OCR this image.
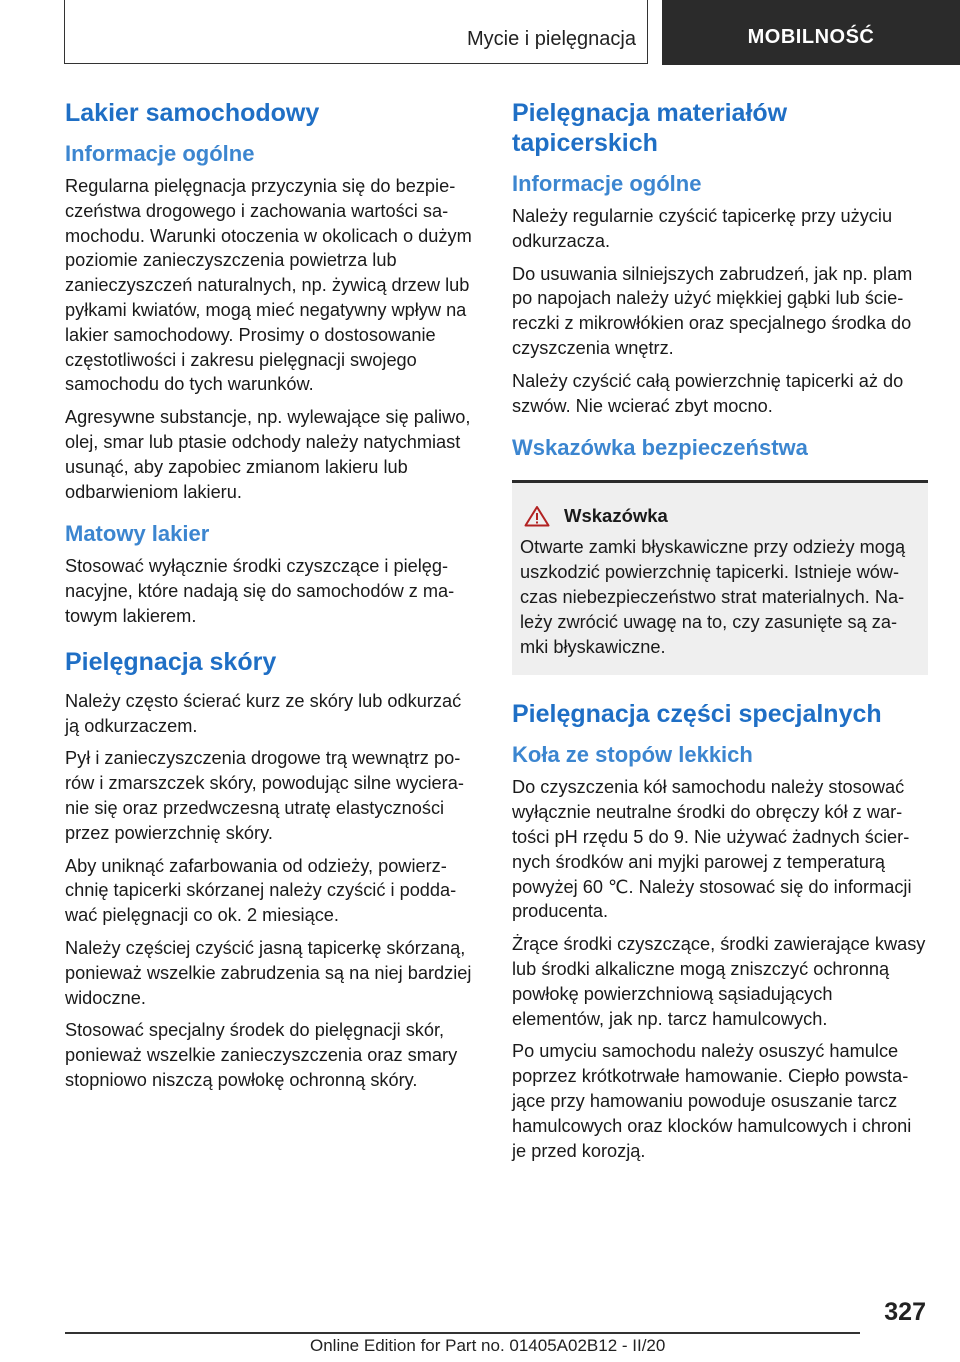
Mycie i pielęgnacja	MOBILNOŚĆ
Lakier samochodowy
Informacje ogólne

Regularna pielęgnacja przyczynia się do bezpieczeństwa drogowego i zachowania wartości samochodu. Warunki otoczenia w okolicach o dużym poziomie zanieczyszczenia powietrza lub zanieczyszczeń naturalnych, np. żywicą drzew lub pyłkami kwiatów, mogą mieć negatywny wpływ na lakier samochodowy. Prosimy o dostosowanie częstotliwości i zakresu pielęgnacji swojego samochodu do tych warunków.

Agresywne substancje, np. wylewające się paliwo, olej, smar lub ptasie odchody należy natychmiast usunąć, aby zapobiec zmianom lakieru lub odbarwieniom lakieru.

Matowy lakier

Stosować wyłącznie środki czyszczące i pielęgnacyjne, które nadają się do samochodów z matowym lakierem.

Pielęgnacja skóry

Należy często ścierać kurz ze skóry lub odkurzać ją odkurzaczem.

Pył i zanieczyszczenia drogowe trą wewnątrz porów i zmarszczek skóry, powodując silne wycieranie się oraz przedwczesną utratę elastyczności przez powierzchnię skóry.

Aby uniknąć zafarbowania od odzieży, powierzchnię tapicerki skórzanej należy czyścić i poddawać pielęgnacji co ok. 2 miesiące.

Należy częściej czyścić jasną tapicerkę skórzaną, ponieważ wszelkie zabrudzenia są na niej bardziej widoczne.

Stosować specjalny środek do pielęgnacji skór, ponieważ wszelkie zanieczyszczenia oraz smary stopniowo niszczą powłokę ochronną skóry.

Pielęgnacja materiałów tapicerskich
Informacje ogólne

Należy regularnie czyścić tapicerkę przy użyciu odkurzacza.

Do usuwania silniejszych zabrudzeń, jak np. plam po napojach należy użyć miękkiej gąbki lub ściereczki z mikrowłókien oraz specjalnego środka do czyszczenia wnętrz.

Należy czyścić całą powierzchnię tapicerki aż do szwów. Nie wcierać zbyt mocno.

Wskazówka bezpieczeństwa
Wskazówka

Otwarte zamki błyskawiczne przy odzieży mogą uszkodzić powierzchnię tapicerki. Istnieje wówczas niebezpieczeństwo strat materialnych. Należy zwrócić uwagę na to, czy zasunięte są zamki błyskawiczne.

Pielęgnacja części specjalnych
Koła ze stopów lekkich

Do czyszczenia kół samochodu należy stosować wyłącznie neutralne środki do obręczy kół z wartości pH rzędu 5 do 9. Nie używać żadnych ściernych środków ani myjki parowej z temperaturą powyżej 60 ℃. Należy stosować się do informacji producenta.

Żrące środki czyszczące, środki zawierające kwasy lub środki alkaliczne mogą zniszczyć ochronną powłokę powierzchniową sąsiadujących elementów, jak np. tarcz hamulcowych.

Po umyciu samochodu należy osuszyć hamulce poprzez krótkotrwałe hamowanie. Ciepło powstające przy hamowaniu powoduje osuszanie tarcz hamulcowych oraz klocków hamulcowych i chroni je przed korozją.

327
Online Edition for Part no. 01405A02B12 - II/20
